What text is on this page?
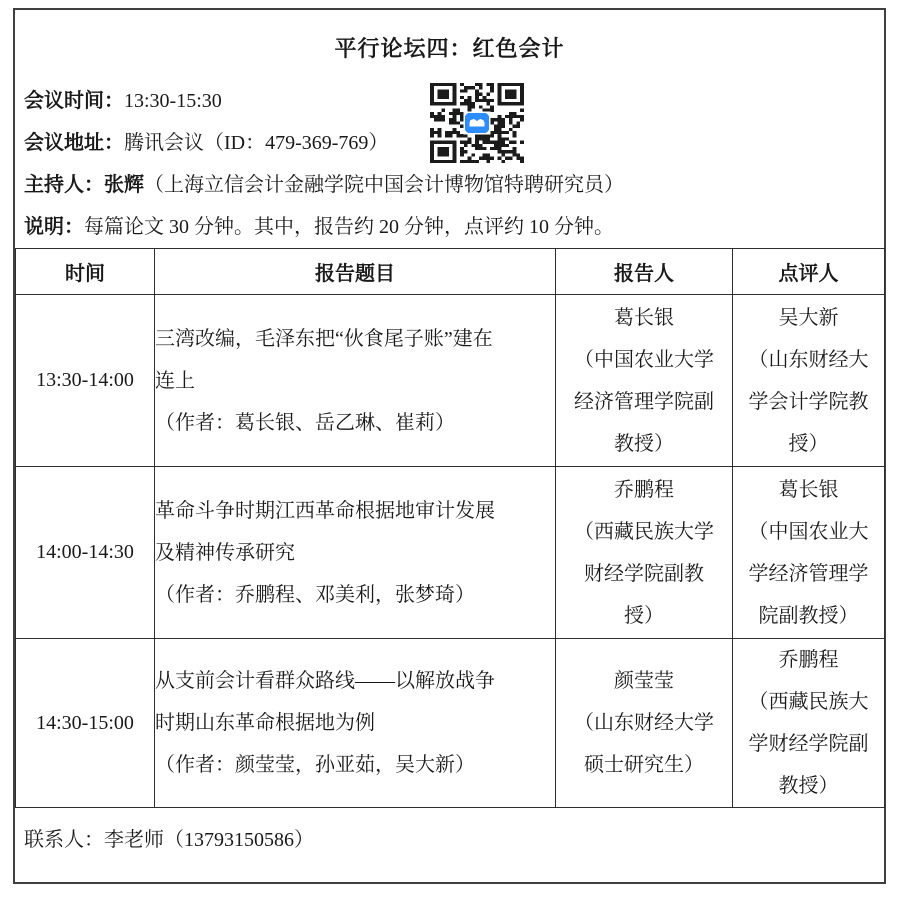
平行论坛四：红色会计
会议时间：13:30-15:30
会议地址：腾讯会议（ID：479-369-769）
主持人：张辉（上海立信会计金融学院中国会计博物馆特聘研究员）
说明：每篇论文 30 分钟。其中，报告约 20 分钟，点评约 10 分钟。
时间	报告题目	报告人	点评人
13:30-14:00	
三湾改编，毛泽东把“伙食尾子账”建在
连上
（作者：葛长银、岳乙琳、崔莉）

葛长银
（中国农业大学
经济管理学院副
教授）

吴大新
（山东财经大
学会计学院教
授）

14:00-14:30	
革命斗争时期江西革命根据地审计发展
及精神传承研究
（作者：乔鹏程、邓美利，张梦琦）

乔鹏程
（西藏民族大学
财经学院副教
授）

葛长银
（中国农业大
学经济管理学
院副教授）

14:30-15:00	
从支前会计看群众路线——以解放战争
时期山东革命根据地为例
（作者：颜莹莹，孙亚茹，吴大新）

颜莹莹
（山东财经大学
硕士研究生）

乔鹏程
（西藏民族大
学财经学院副
教授）
联系人：李老师（13793150586）
